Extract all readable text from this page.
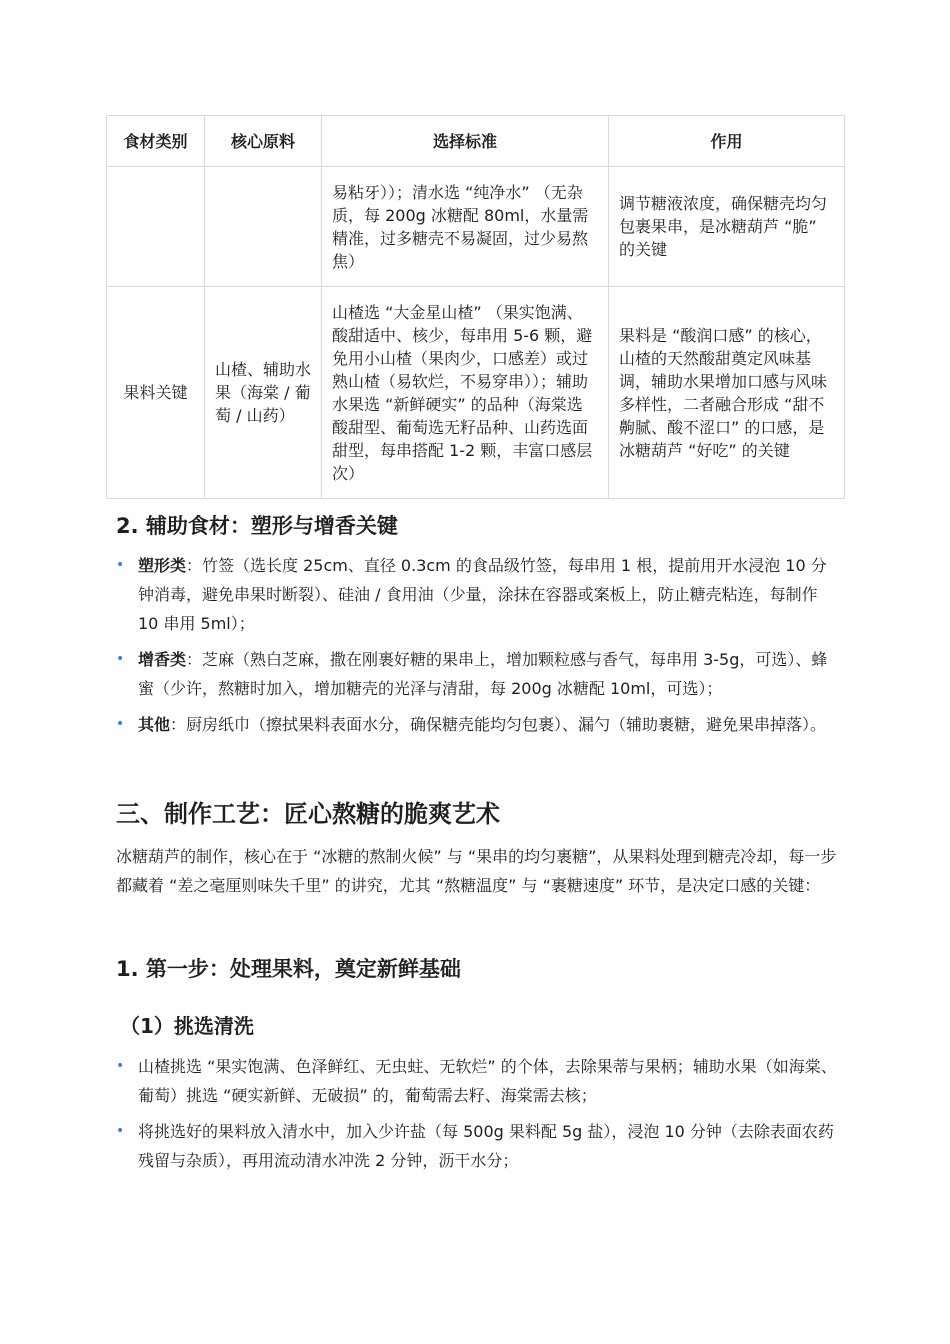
食材类别	核心原料	选择标准	作用
		易粘牙））；清水选 “纯净水” （无杂质，每 200g 冰糖配 80ml，水量需精准，过多糖壳不易凝固，过少易熬焦）	调节糖液浓度，确保糖壳均匀包裹果串，是冰糖葫芦 “脆” 的关键
果料关键	山楂、辅助水果（海棠 / 葡萄 / 山药）	山楂选 “大金星山楂” （果实饱满、酸甜适中、核少，每串用 5-6 颗，避免用小山楂（果肉少，口感差）或过熟山楂（易软烂，不易穿串））；辅助水果选 “新鲜硬实” 的品种（海棠选酸甜型、葡萄选无籽品种、山药选面甜型，每串搭配 1-2 颗，丰富口感层次）	果料是 “酸润口感” 的核心，山楂的天然酸甜奠定风味基调，辅助水果增加口感与风味多样性，二者融合形成 “甜不齁腻、酸不涩口” 的口感，是冰糖葫芦 “好吃” 的关键
2. 辅助食材：塑形与增香关键
• 塑形类：竹签（选长度 25cm、直径 0.3cm 的食品级竹签，每串用 1 根，提前用开水浸泡 10 分钟消毒，避免串果时断裂）、硅油 / 食用油（少量，涂抹在容器或案板上，防止糖壳粘连，每制作 10 串用 5ml）；
• 增香类：芝麻（熟白芝麻，撒在刚裹好糖的果串上，增加颗粒感与香气，每串用 3-5g，可选）、蜂蜜（少许，熬糖时加入，增加糖壳的光泽与清甜，每 200g 冰糖配 10ml，可选）；
• 其他：厨房纸巾（擦拭果料表面水分，确保糖壳能均匀包裹）、漏勺（辅助裹糖，避免果串掉落）。
三、制作工艺：匠心熬糖的脆爽艺术

冰糖葫芦的制作，核心在于 “冰糖的熬制火候” 与 “果串的均匀裹糖”，从果料处理到糖壳冷却，每一步都藏着 “差之毫厘则味失千里” 的讲究，尤其 “熬糖温度” 与 “裹糖速度” 环节，是决定口感的关键：

1. 第一步：处理果料，奠定新鲜基础
（1）挑选清洗
• 山楂挑选 “果实饱满、色泽鲜红、无虫蛀、无软烂” 的个体，去除果蒂与果柄；辅助水果（如海棠、葡萄）挑选 “硬实新鲜、无破损” 的，葡萄需去籽、海棠需去核；
• 将挑选好的果料放入清水中，加入少许盐（每 500g 果料配 5g 盐），浸泡 10 分钟（去除表面农药残留与杂质），再用流动清水冲洗 2 分钟，沥干水分；
